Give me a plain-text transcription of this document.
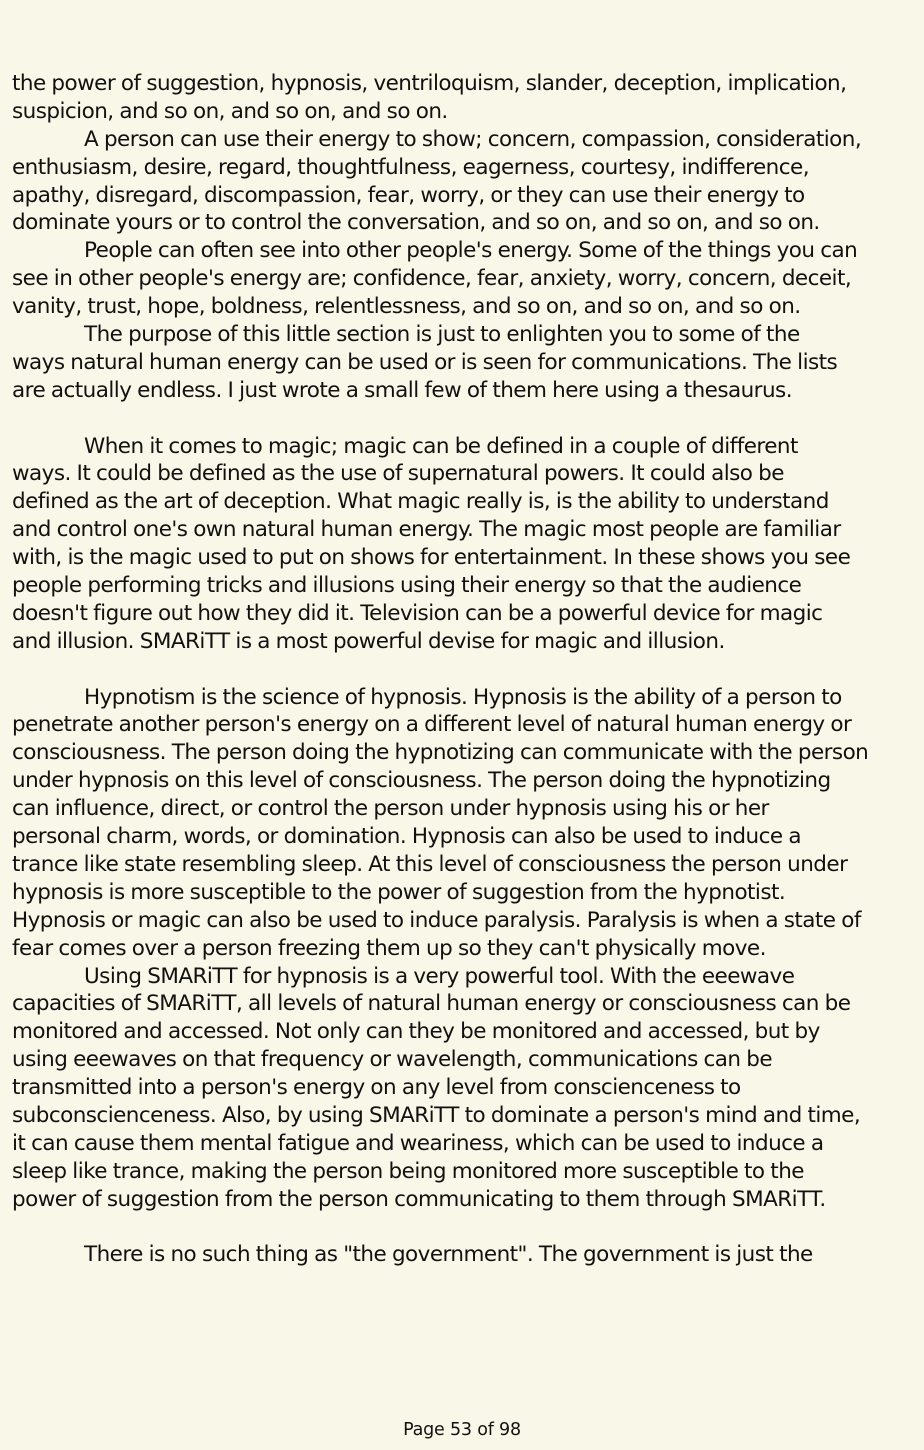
the power of suggestion, hypnosis, ventriloquism, slander, deception, implication,
suspicion, and so on, and so on, and so on.
A person can use their energy to show; concern, compassion, consideration,
enthusiasm, desire, regard, thoughtfulness, eagerness, courtesy, indifference,
apathy, disregard, discompassion, fear, worry, or they can use their energy to
dominate yours or to control the conversation, and so on, and so on, and so on.
People can often see into other people's energy. Some of the things you can
see in other people's energy are; confidence, fear, anxiety, worry, concern, deceit,
vanity, trust, hope, boldness, relentlessness, and so on, and so on, and so on.
The purpose of this little section is just to enlighten you to some of the
ways natural human energy can be used or is seen for communications. The lists
are actually endless. I just wrote a small few of them here using a thesaurus.
When it comes to magic; magic can be defined in a couple of different
ways. It could be defined as the use of supernatural powers. It could also be
defined as the art of deception. What magic really is, is the ability to understand
and control one's own natural human energy. The magic most people are familiar
with, is the magic used to put on shows for entertainment. In these shows you see
people performing tricks and illusions using their energy so that the audience
doesn't figure out how they did it. Television can be a powerful device for magic
and illusion. SMARiTT is a most powerful devise for magic and illusion.
Hypnotism is the science of hypnosis. Hypnosis is the ability of a person to
penetrate another person's energy on a different level of natural human energy or
consciousness. The person doing the hypnotizing can communicate with the person
under hypnosis on this level of consciousness. The person doing the hypnotizing
can influence, direct, or control the person under hypnosis using his or her
personal charm, words, or domination. Hypnosis can also be used to induce a
trance like state resembling sleep. At this level of consciousness the person under
hypnosis is more susceptible to the power of suggestion from the hypnotist.
Hypnosis or magic can also be used to induce paralysis. Paralysis is when a state of
fear comes over a person freezing them up so they can't physically move.
Using SMARiTT for hypnosis is a very powerful tool. With the eeewave
capacities of SMARiTT, all levels of natural human energy or consciousness can be
monitored and accessed. Not only can they be monitored and accessed, but by
using eeewaves on that frequency or wavelength, communications can be
transmitted into a person's energy on any level from conscienceness to
subconscienceness. Also, by using SMARiTT to dominate a person's mind and time,
it can cause them mental fatigue and weariness, which can be used to induce a
sleep like trance, making the person being monitored more susceptible to the
power of suggestion from the person communicating to them through SMARiTT.
There is no such thing as "the government". The government is just the
Page 53 of 98
